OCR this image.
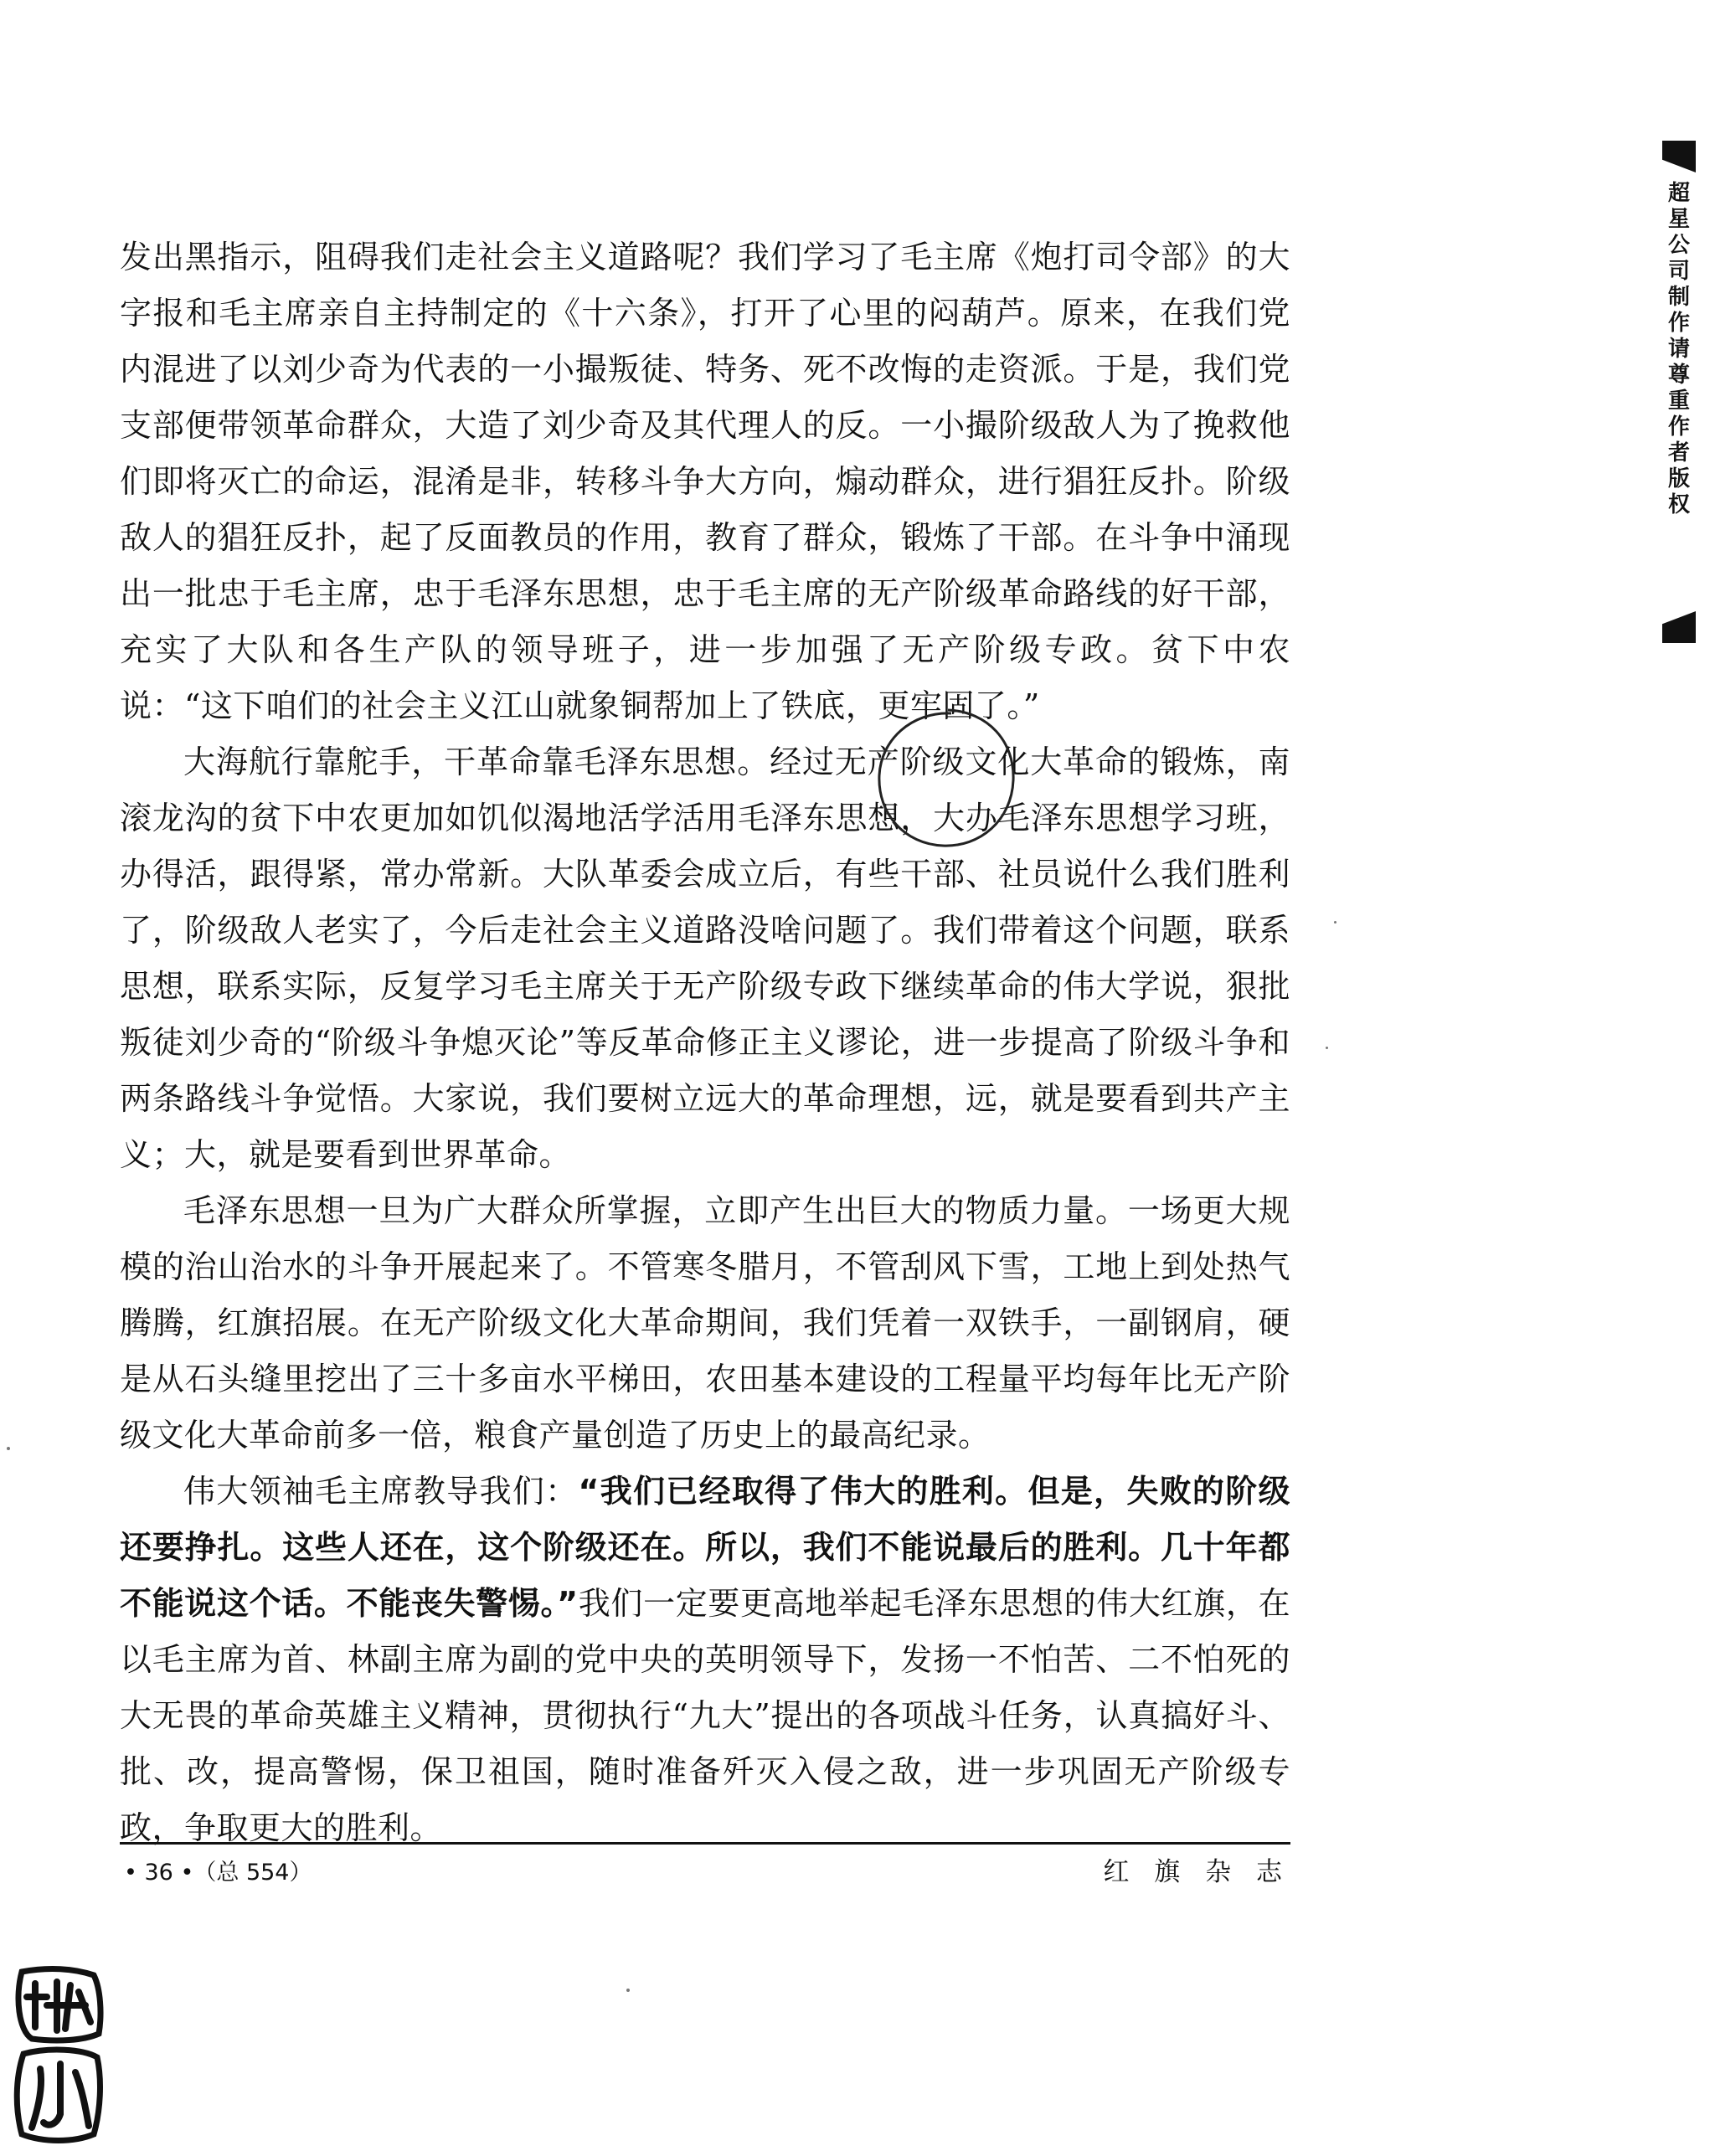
超星公司制作请尊重作者版权

发出黑指示，阻碍我们走社会主义道路呢？我们学习了毛主席《炮打司令部》的大字报和毛主席亲自主持制定的《十六条》，打开了心里的闷葫芦。原来，在我们党内混进了以刘少奇为代表的一小撮叛徒、特务、死不改悔的走资派。于是，我们党支部便带领革命群众，大造了刘少奇及其代理人的反。一小撮阶级敌人为了挽救他们即将灭亡的命运，混淆是非，转移斗争大方向，煽动群众，进行猖狂反扑。阶级敌人的猖狂反扑，起了反面教员的作用，教育了群众，锻炼了干部。在斗争中涌现出一批忠于毛主席，忠于毛泽东思想，忠于毛主席的无产阶级革命路线的好干部，充实了大队和各生产队的领导班子，进一步加强了无产阶级专政。贫下中农说：“这下咱们的社会主义江山就象铜帮加上了铁底，更牢固了。”

大海航行靠舵手，干革命靠毛泽东思想。经过无产阶级文化大革命的锻炼，南滚龙沟的贫下中农更加如饥似渴地活学活用毛泽东思想，大办毛泽东思想学习班，办得活，跟得紧，常办常新。大队革委会成立后，有些干部、社员说什么我们胜利了，阶级敌人老实了，今后走社会主义道路没啥问题了。我们带着这个问题，联系思想，联系实际，反复学习毛主席关于无产阶级专政下继续革命的伟大学说，狠批叛徒刘少奇的“阶级斗争熄灭论”等反革命修正主义谬论，进一步提高了阶级斗争和两条路线斗争觉悟。大家说，我们要树立远大的革命理想，远，就是要看到共产主义；大，就是要看到世界革命。

毛泽东思想一旦为广大群众所掌握，立即产生出巨大的物质力量。一场更大规模的治山治水的斗争开展起来了。不管寒冬腊月，不管刮风下雪，工地上到处热气腾腾，红旗招展。在无产阶级文化大革命期间，我们凭着一双铁手，一副钢肩，硬是从石头缝里挖出了三十多亩水平梯田，农田基本建设的工程量平均每年比无产阶级文化大革命前多一倍，粮食产量创造了历史上的最高纪录。

伟大领袖毛主席教导我们：“我们已经取得了伟大的胜利。但是，失败的阶级还要挣扎。这些人还在，这个阶级还在。所以，我们不能说最后的胜利。几十年都不能说这个话。不能丧失警惕。”我们一定要更高地举起毛泽东思想的伟大红旗，在以毛主席为首、林副主席为副的党中央的英明领导下，发扬一不怕苦、二不怕死的大无畏的革命英雄主义精神，贯彻执行“九大”提出的各项战斗任务，认真搞好斗、批、改，提高警惕，保卫祖国，随时准备歼灭入侵之敌，进一步巩固无产阶级专政，争取更大的胜利。

• 36 •（总 554）	红 旗 杂 志
